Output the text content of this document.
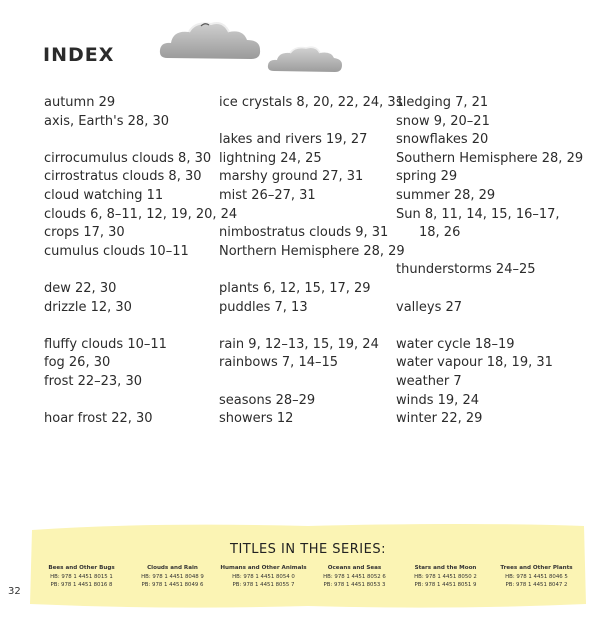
INDEX
autumn 29
axis, Earth's 28, 30
cirrocumulus clouds 8, 30
cirrostratus clouds 8, 30
cloud watching 11
clouds 6, 8–11, 12, 19, 20, 24
crops 17, 30
cumulus clouds 10–11
dew 22, 30
drizzle 12, 30
fluffy clouds 10–11
fog 26, 30
frost 22–23, 30
hoar frost 22, 30
ice crystals 8, 20, 22, 24, 31
lakes and rivers 19, 27
lightning 24, 25
marshy ground 27, 31
mist 26–27, 31
nimbostratus clouds 9, 31
Northern Hemisphere 28, 29
plants 6, 12, 15, 17, 29
puddles 7, 13
rain 9, 12–13, 15, 19, 24
rainbows 7, 14–15
seasons 28–29
showers 12
sledging 7, 21
snow 9, 20–21
snowflakes 20
Southern Hemisphere 28, 29
spring 29
summer 28, 29
Sun 8, 11, 14, 15, 16–17,
18, 26
thunderstorms 24–25
valleys 27
water cycle 18–19
water vapour 18, 19, 31
weather 7
winds 19, 24
winter 22, 29
TITLES IN THE SERIES:
Bees and Other Bugs
HB: 978 1 4451 8015 1
PB: 978 1 4451 8016 8
Clouds and Rain
HB: 978 1 4451 8048 9
PB: 978 1 4451 8049 6
Humans and Other Animals
HB: 978 1 4451 8054 0
PB: 978 1 4451 8055 7
Oceans and Seas
HB: 978 1 4451 8052 6
PB: 978 1 4451 8053 3
Stars and the Moon
HB: 978 1 4451 8050 2
PB: 978 1 4451 8051 9
Trees and Other Plants
HB: 978 1 4451 8046 5
PB: 978 1 4451 8047 2
32
